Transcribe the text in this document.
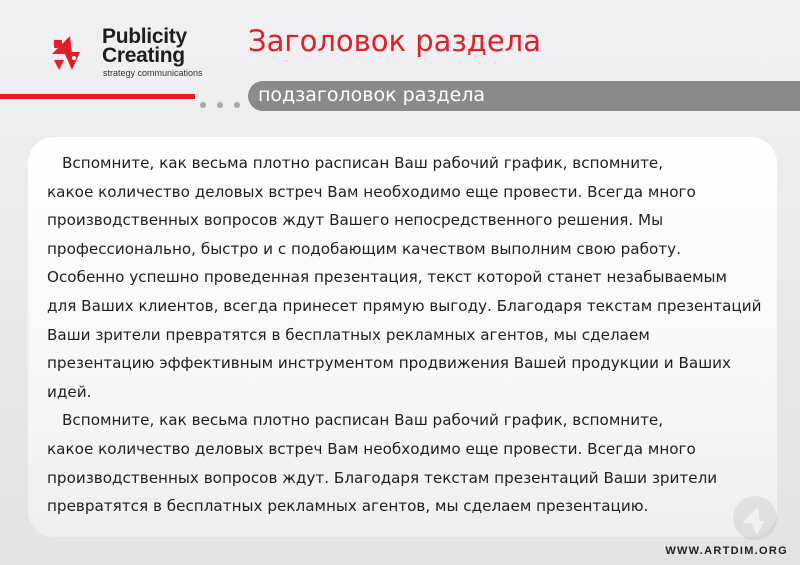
Publicity
Creating
strategy communications
Заголовок раздела
подзаголовок раздела

Вспомните, как весьма плотно расписан Ваш рабочий график, вспомните,
какое количество деловых встреч Вам необходимо еще провести. Всегда много
производственных вопросов ждут Вашего непосредственного решения. Мы
профессионально, быстро и с подобающим качеством выполним свою работу.
Особенно успешно проведенная презентация, текст которой станет незабываемым
для Ваших клиентов, всегда принесет прямую выгоду. Благодаря текстам презентаций
Ваши зрители превратятся в бесплатных рекламных агентов, мы сделаем
презентацию эффективным инструментом продвижения Вашей продукции и Ваших
идей.

Вспомните, как весьма плотно расписан Ваш рабочий график, вспомните,
какое количество деловых встреч Вам необходимо еще провести. Всегда много
производственных вопросов ждут. Благодаря текстам презентаций Ваши зрители
превратятся в бесплатных рекламных агентов, мы сделаем презентацию.

WWW.ARTDIM.ORG
